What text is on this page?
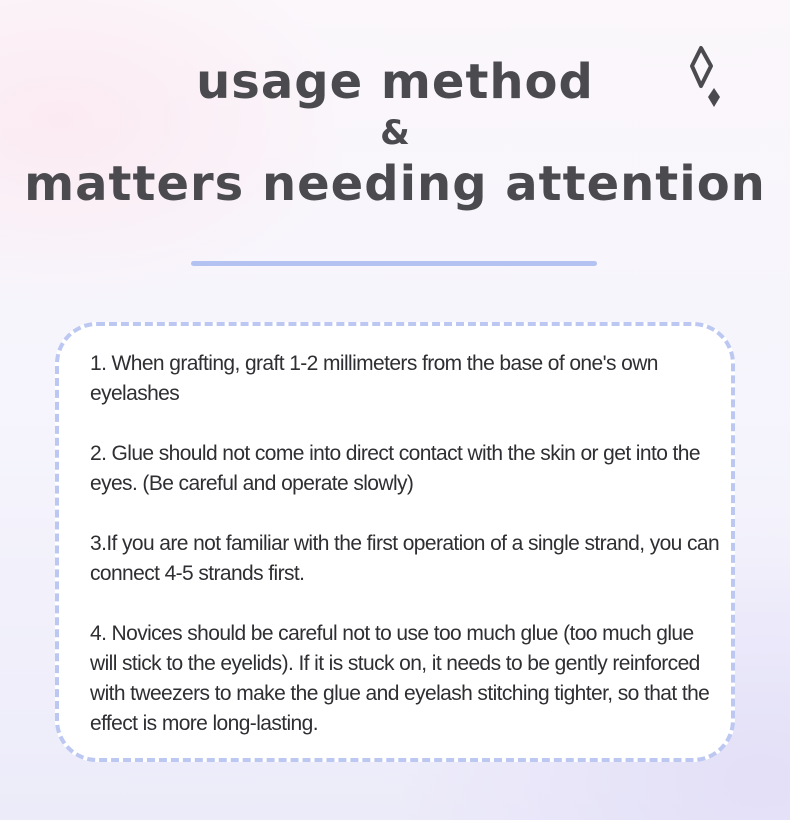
usage method
&
matters needing attention

1. When grafting, graft 1-2 millimeters from the base of one's own eyelashes

2. Glue should not come into direct contact with the skin or get into the eyes. (Be careful and operate slowly)

3.If you are not familiar with the first operation of a single strand, you can connect 4-5 strands first.

4. Novices should be careful not to use too much glue (too much glue will stick to the eyelids). If it is stuck on, it needs to be gently reinforced with tweezers to make the glue and eyelash stitching tighter, so that the effect is more long-lasting.
